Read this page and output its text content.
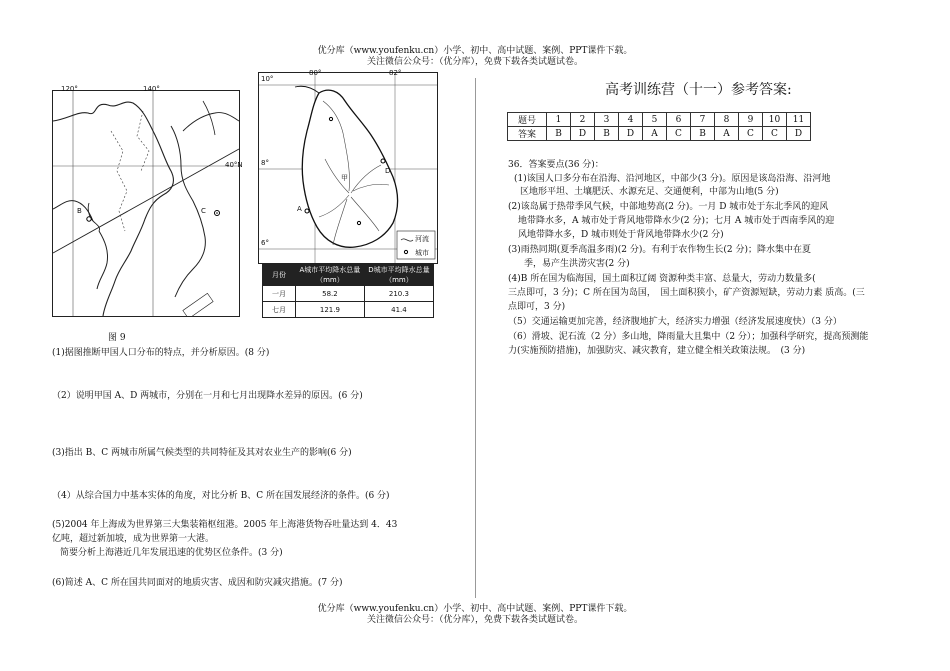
优分库（www.youfenku.cn）小学、初中、高中试题、案例、PPT课件下载。
关注微信公众号：（优分库），免费下载各类试题试卷。
120°	140°
40°N
B	C
80°	82°
10°
8°
6°
A
D
甲
河流
城市
月份	A城市平均降水总量（mm）	D城市平均降水总量（mm）
一月	58.2	210.3
七月	121.9	41.4
图 9
(1)据图推断甲国人口分布的特点，并分析原因。(8 分)
（2）说明甲国 A、D 两城市，分别在一月和七月出现降水差异的原因。(6 分)
(3)指出 B、C 两城市所属气候类型的共同特征及其对农业生产的影响(6 分)
（4）从综合国力中基本实体的角度，对比分析 B、C 所在国发展经济的条件。(6 分)
(5)2004 年上海成为世界第三大集装箱枢纽港。2005 年上海港货物吞吐量达到 4．43
亿吨，超过新加坡，成为世界第一大港。
简要分析上海港近几年发展迅速的优势区位条件。(3 分)
(6)简述 A、C 所在国共同面对的地质灾害、成因和防灾减灾措施。(7 分)
高考训练营（十一）参考答案:
题号	1	2	3	4	5	6	7	8	9	10	11
答案	B	D	B	D	A	C	B	A	C	C	D
36．答案要点(36 分)：
(1)该国人口多分布在沿海、沿河地区，中部少(3 分)。原因是该岛沿海、沿河地
区地形平坦、土壤肥沃、水源充足、交通便利，中部为山地(5 分)
(2)该岛属于热带季风气候，中部地势高(2 分)。一月 D 城市处于东北季风的迎风
地带降水多，A 城市处于背风地带降水少(2 分)；七月 A 城市处于西南季风的迎
风地带降水多，D 城市则处于背风地带降水少(2 分)
(3)雨热同期(夏季高温多雨)(2 分)。有利于农作物生长(2 分)；降水集中在夏
季，易产生洪涝灾害(2 分)
(4)B 所在国为临海国，国土面积辽阔 资源种类丰富、总量大，劳动力数量多(
三点即可，3 分)；C 所在国为岛国，　国土面积狭小，矿产资源短缺，劳动力素 质高。(三
点即可，3 分)
（5）交通运输更加完善，经济腹地扩大，经济实力增强（经济发展速度快）（3 分）
（6）滑坡、泥石流（2 分）多山地，降雨量大且集中（2 分）；加强科学研究，提高预测能
力(实施预防措施)，加强防灾、减灾教育，建立健全相关政策法规。　(3 分)
优分库（www.youfenku.cn）小学、初中、高中试题、案例、PPT课件下载。
关注微信公众号：（优分库），免费下载各类试题试卷。
